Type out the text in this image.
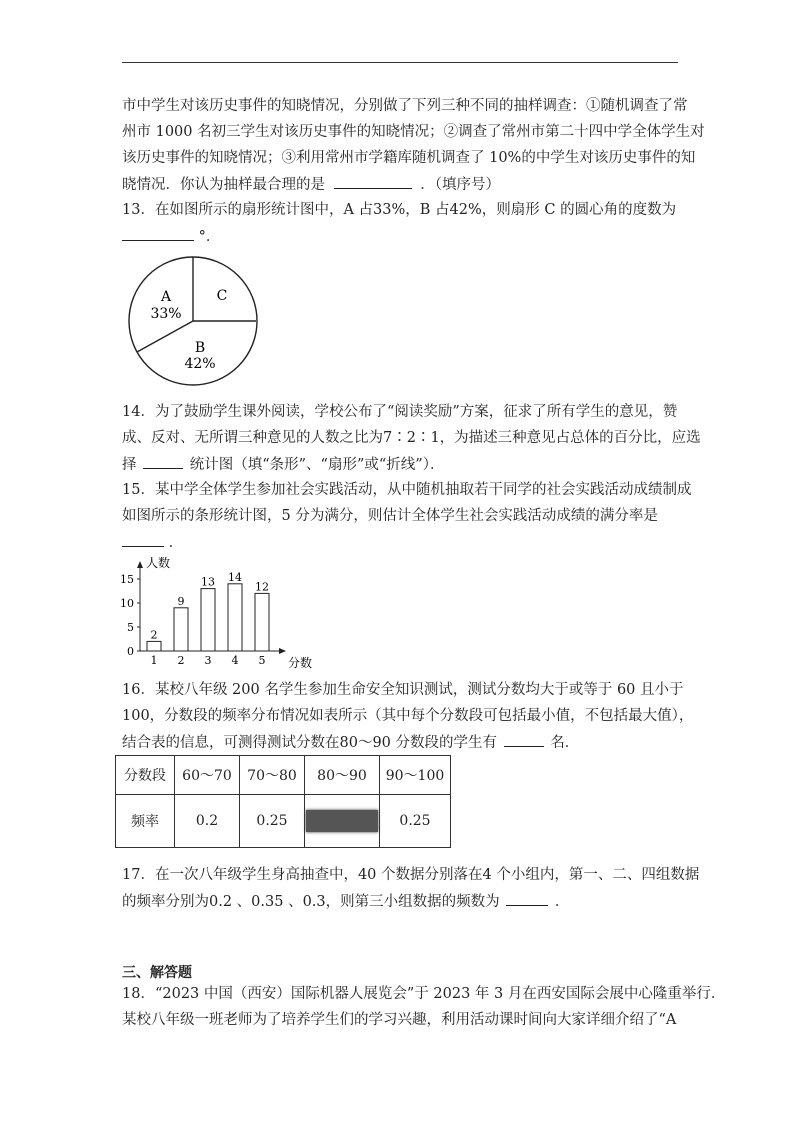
市中学生对该历史事件的知晓情况，分别做了下列三种不同的抽样调查：①随机调查了常
州市 1000 名初三学生对该历史事件的知晓情况；②调查了常州市第二十四中学全体学生对
该历史事件的知晓情况；③利用常州市学籍库随机调查了 10%的中学生对该历史事件的知
晓情况．你认为抽样最合理的是	．（填序号）
13．在如图所示的扇形统计图中，A 占33%，B 占42%，则扇形 C 的圆心角的度数为
°．
A
33%
C
B
42%
14．为了鼓励学生课外阅读，学校公布了“阅读奖励”方案，征求了所有学生的意见，赞
成、反对、无所谓三种意见的人数之比为7∶2∶1，为描述三种意见占总体的百分比，应选
择	统计图（填“条形”、“扇形”或“折线”）．
15．某中学全体学生参加社会实践活动，从中随机抽取若干同学的社会实践活动成绩制成
如图所示的条形统计图，5 分为满分，则估计全体学生社会实践活动成绩的满分率是
．
人数
分数
0
5
10
15
2
1
9
2
13
3
14
4
12
5
16．某校八年级 200 名学生参加生命安全知识测试，测试分数均大于或等于 60 且小于
100，分数段的频率分布情况如表所示（其中每个分数段可包括最小值，不包括最大值），
结合表的信息，可测得测试分数在80～90 分数段的学生有	名．
分数段	60～70	70～80	80～90	90～100
频率	0.2	0.25		0.25
17．在一次八年级学生身高抽查中，40 个数据分别落在4 个小组内，第一、二、四组数据
的频率分别为0.2 、0.35 、0.3，则第三小组数据的频数为	．
三、解答题
18．“2023 中国（西安）国际机器人展览会”于 2023 年 3 月在西安国际会展中心隆重举行．
某校八年级一班老师为了培养学生们的学习兴趣，利用活动课时间向大家详细介绍了“A
